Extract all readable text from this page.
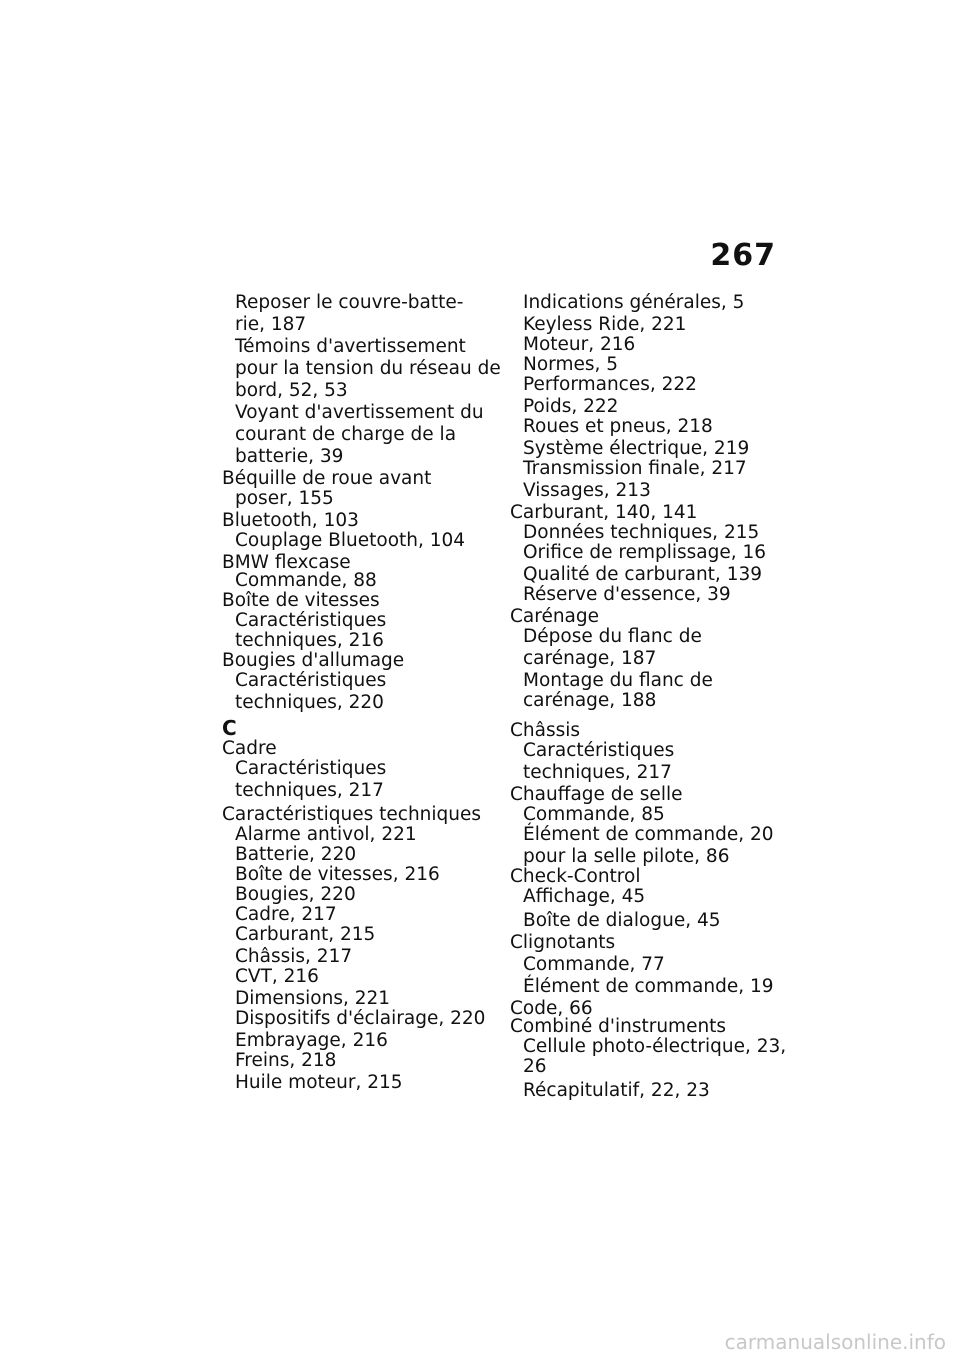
267
Reposer le couvre-batte-
rie, 187
Témoins d'avertissement
pour la tension du réseau de
bord, 52, 53
Voyant d'avertissement du
courant de charge de la
batterie, 39
Béquille de roue avant
poser, 155
Bluetooth, 103
Couplage Bluetooth, 104
BMW flexcase
Commande, 88
Boîte de vitesses
Caractéristiques
techniques, 216
Bougies d'allumage
Caractéristiques
techniques, 220
C
Cadre
Caractéristiques
techniques, 217
Caractéristiques techniques
Alarme antivol, 221
Batterie, 220
Boîte de vitesses, 216
Bougies, 220
Cadre, 217
Carburant, 215
Châssis, 217
CVT, 216
Dimensions, 221
Dispositifs d'éclairage, 220
Embrayage, 216
Freins, 218
Huile moteur, 215
Indications générales, 5
Keyless Ride, 221
Moteur, 216
Normes, 5
Performances, 222
Poids, 222
Roues et pneus, 218
Système électrique, 219
Transmission finale, 217
Vissages, 213
Carburant, 140, 141
Données techniques, 215
Orifice de remplissage, 16
Qualité de carburant, 139
Réserve d'essence, 39
Carénage
Dépose du flanc de
carénage, 187
Montage du flanc de
carénage, 188
Châssis
Caractéristiques
techniques, 217
Chauffage de selle
Commande, 85
Élément de commande, 20
pour la selle pilote, 86
Check-Control
Affichage, 45
Boîte de dialogue, 45
Clignotants
Commande, 77
Élément de commande, 19
Code, 66
Combiné d'instruments
Cellule photo-électrique, 23,
26
Récapitulatif, 22, 23
carmanualsonline.info
